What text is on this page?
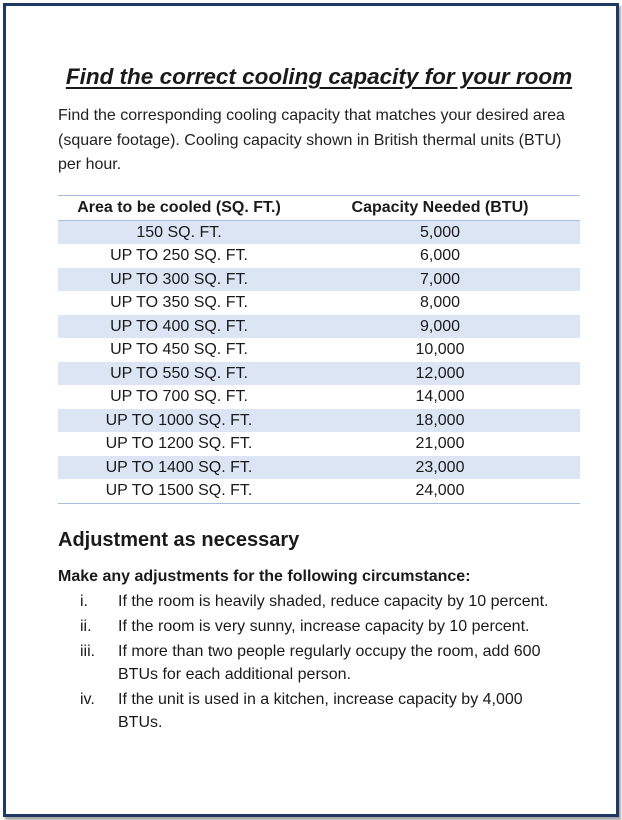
Find the correct cooling capacity for your room

Find the corresponding cooling capacity that matches your desired area (square footage). Cooling capacity shown in British thermal units (BTU) per hour.

Area to be cooled (SQ. FT.)	Capacity Needed (BTU)
150 SQ. FT.	5,000
UP TO 250 SQ. FT.	6,000
UP TO 300 SQ. FT.	7,000
UP TO 350 SQ. FT.	8,000
UP TO 400 SQ. FT.	9,000
UP TO 450 SQ. FT.	10,000
UP TO 550 SQ. FT.	12,000
UP TO 700 SQ. FT.	14,000
UP TO 1000 SQ. FT.	18,000
UP TO 1200 SQ. FT.	21,000
UP TO 1400 SQ. FT.	23,000
UP TO 1500 SQ. FT.	24,000
Adjustment as necessary

Make any adjustments for the following circumstance:

i.	If the room is heavily shaded, reduce capacity by 10 percent.
ii.	If the room is very sunny, increase capacity by 10 percent.
iii.	If more than two people regularly occupy the room, add 600 BTUs for each additional person.
iv.	If the unit is used in a kitchen, increase capacity by 4,000 BTUs.
